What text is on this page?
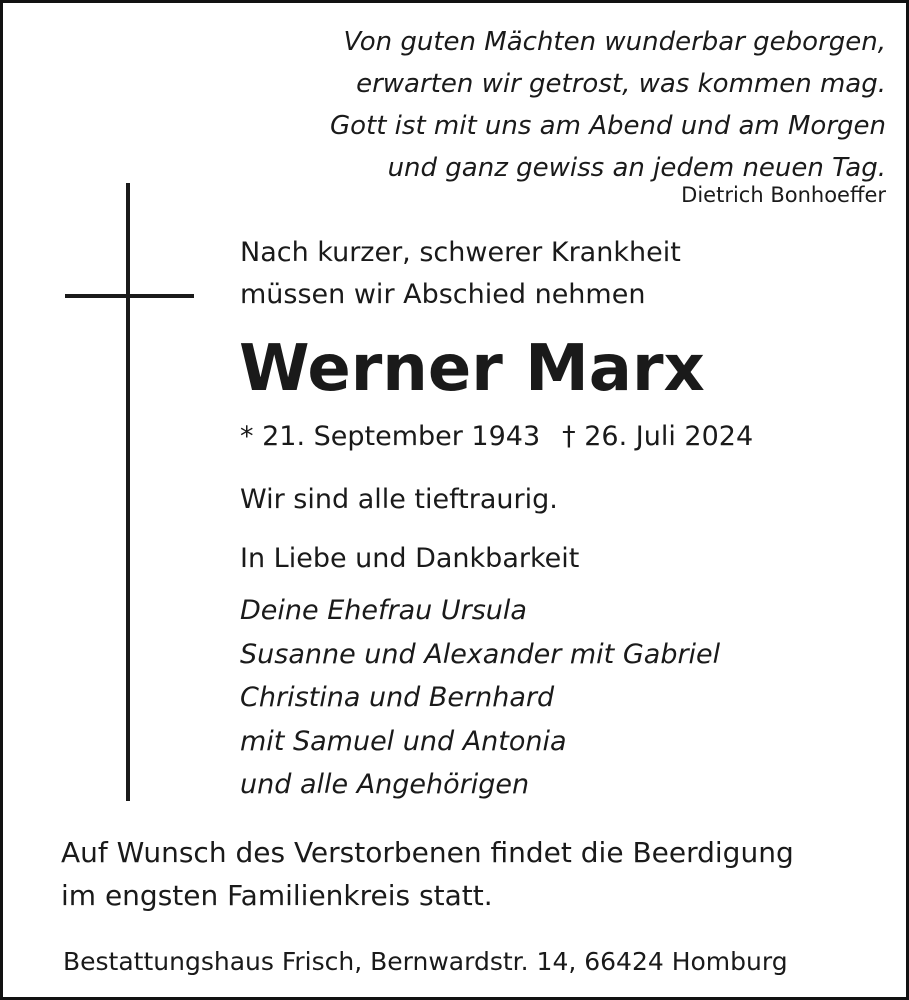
Von guten Mächten wunderbar geborgen,
erwarten wir getrost, was kommen mag.
Gott ist mit uns am Abend und am Morgen
und ganz gewiss an jedem neuen Tag.
Dietrich Bonhoeffer
Nach kurzer, schwerer Krankheit
müssen wir Abschied nehmen
Werner Marx
* 21. September 1943 † 26. Juli 2024
Wir sind alle tieftraurig.
In Liebe und Dankbarkeit
Deine Ehefrau Ursula
Susanne und Alexander mit Gabriel
Christina und Bernhard
mit Samuel und Antonia
und alle Angehörigen
Auf Wunsch des Verstorbenen findet die Beerdigung
im engsten Familienkreis statt.
Bestattungshaus Frisch, Bernwardstr. 14, 66424 Homburg
